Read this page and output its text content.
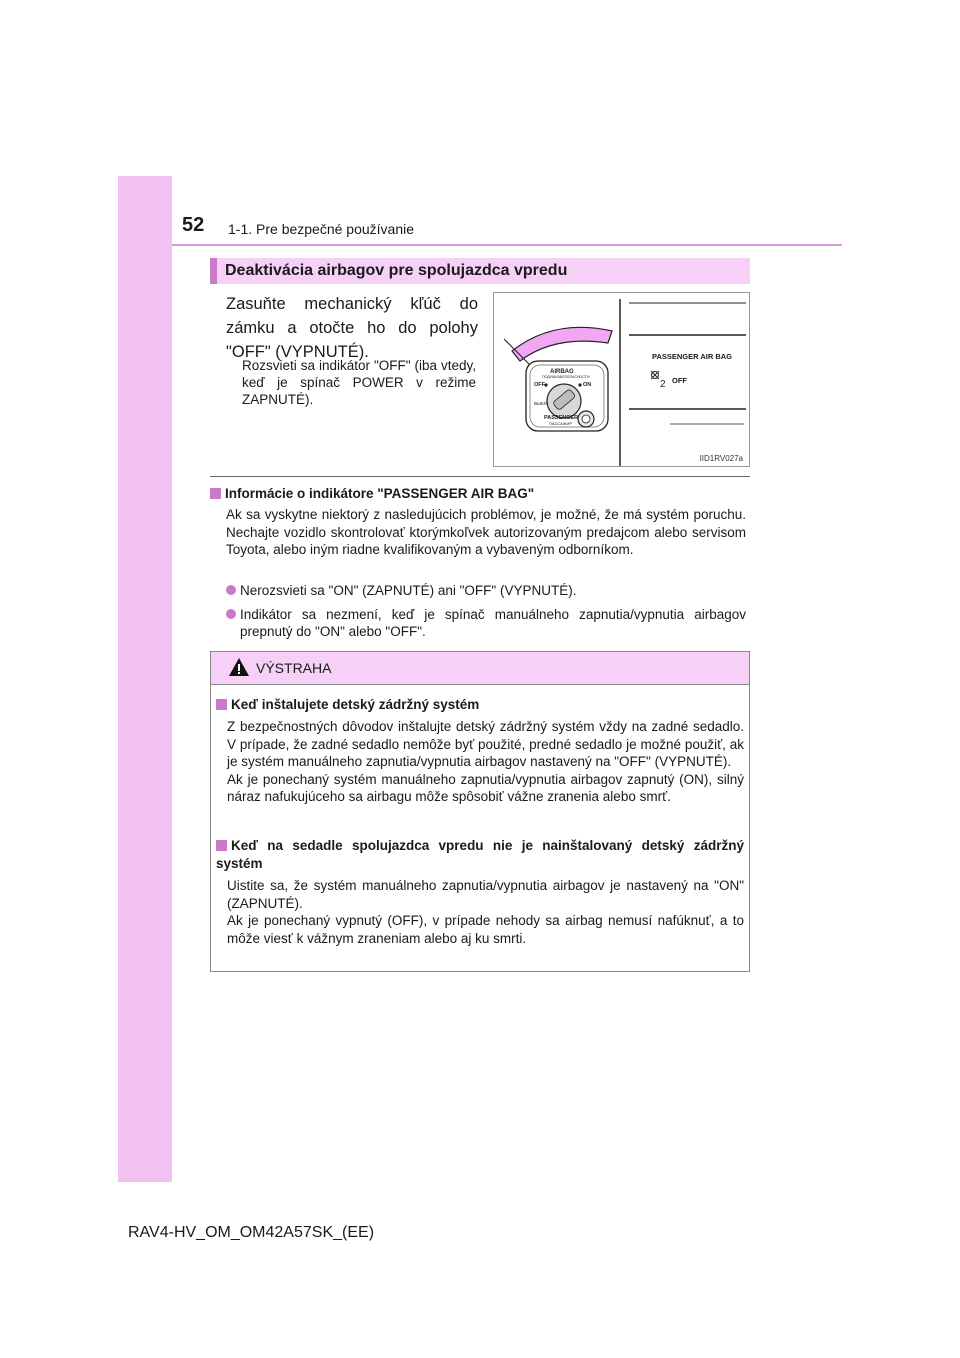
52 1-1. Pre bezpečné používanie
Deaktivácia airbagov pre spolujazdca vpredu
Zasuňte mechanický kľúč do zámku a otočte ho do polohy "OFF" (VYPNUTÉ).
Rozsvieti sa indikátor "OFF" (iba vtedy, keď je spínač POWER v režime ZAPNUTÉ).
2
AIRBAG
ПОДУШКАБЕЗОПАСНОСТИ
OFF	ON
ВЫКЛ
PASSENGER
ПАССАЖИР
PASSENGER AIR BAG
OFF
IID1RV027a
Informácie o indikátore "PASSENGER AIR BAG"
Ak sa vyskytne niektorý z nasledujúcich problémov, je možné, že má systém poruchu. Nechajte vozidlo skontrolovať ktorýmkoľvek autorizovaným predajcom alebo servisom Toyota, alebo iným riadne kvalifikovaným a vybaveným odborníkom.
Nerozsvieti sa "ON" (ZAPNUTÉ) ani "OFF" (VYPNUTÉ).
Indikátor sa nezmení, keď je spínač manuálneho zapnutia/vypnutia airbagov prepnutý do "ON" alebo "OFF".
VÝSTRAHA
Keď inštalujete detský zádržný systém
Z bezpečnostných dôvodov inštalujte detský zádržný systém vždy na zadné sedadlo. V prípade, že zadné sedadlo nemôže byť použité, predné sedadlo je možné použiť, ak je systém manuálneho zapnutia/vypnutia airbagov nastavený na "OFF" (VYPNUTÉ).
Ak je ponechaný systém manuálneho zapnutia/vypnutia airbagov zapnutý (ON), silný náraz nafukujúceho sa airbagu môže spôsobiť vážne zranenia alebo smrť.
Keď na sedadle spolujazdca vpredu nie je nainštalovaný detský zádržný systém
Uistite sa, že systém manuálneho zapnutia/vypnutia airbagov je nastavený na "ON" (ZAPNUTÉ).
Ak je ponechaný vypnutý (OFF), v prípade nehody sa airbag nemusí nafúknuť, a to môže viesť k vážnym zraneniam alebo aj ku smrti.
RAV4-HV_OM_OM42A57SK_(EE)
